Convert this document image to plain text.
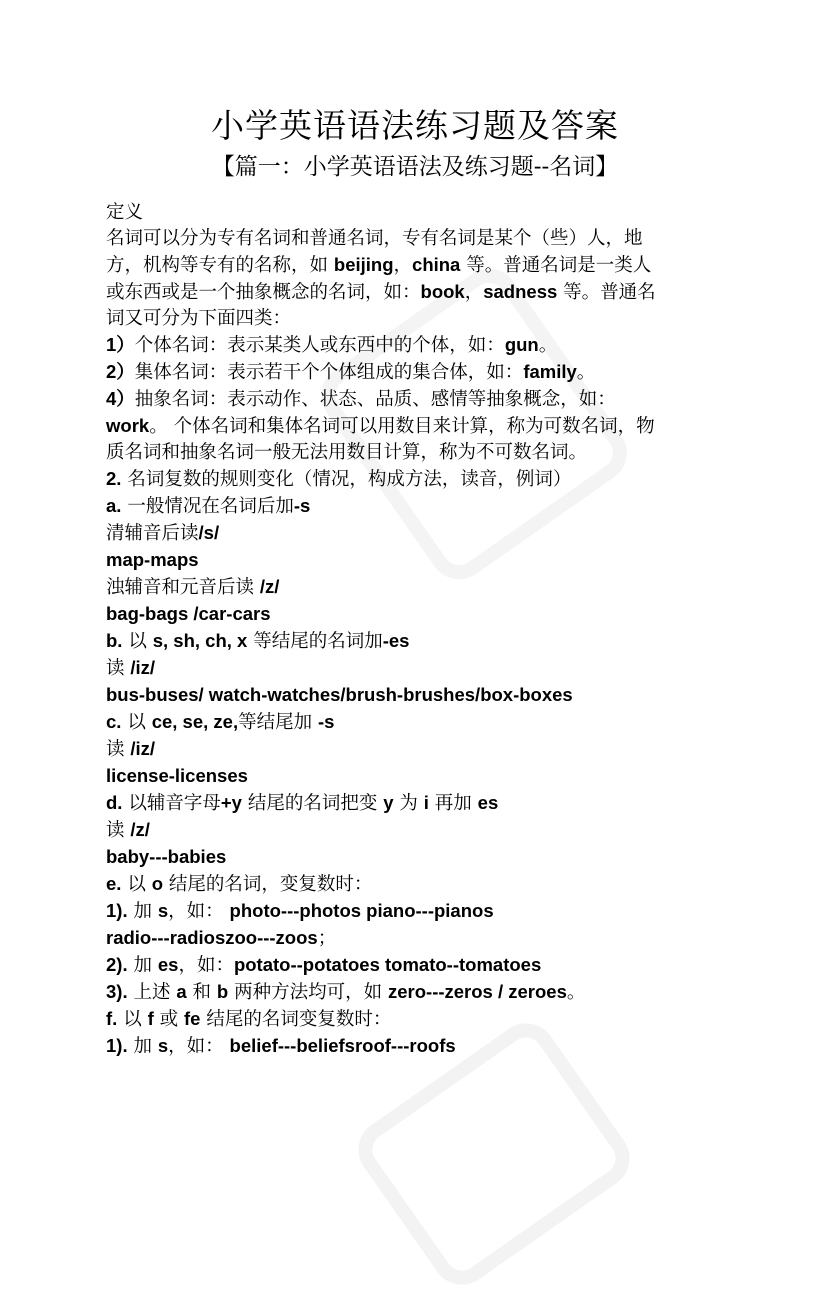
小学英语语法练习题及答案
【篇一：小学英语语法及练习题--名词】
定义
名词可以分为专有名词和普通名词，专有名词是某个（些）人，地
方，机构等专有的名称，如 beijing，china 等。普通名词是一类人
或东西或是一个抽象概念的名词，如：book，sadness 等。普通名
词又可分为下面四类：
1）个体名词：表示某类人或东西中的个体，如：gun。
2）集体名词：表示若干个个体组成的集合体，如：family。
4）抽象名词：表示动作、状态、品质、感情等抽象概念，如：
work。 个体名词和集体名词可以用数目来计算，称为可数名词，物
质名词和抽象名词一般无法用数目计算，称为不可数名词。
2. 名词复数的规则变化（情况，构成方法，读音，例词）
a. 一般情况在名词后加-s
清辅音后读/s/
map-maps
浊辅音和元音后读 /z/
bag-bags /car-cars
b. 以 s, sh, ch, x 等结尾的名词加-es
读 /iz/
bus-buses/ watch-watches/brush-brushes/box-boxes
c. 以 ce, se, ze,等结尾加 -s
读 /iz/
license-licenses
d. 以辅音字母+y 结尾的名词把变 y 为 i 再加 es
读 /z/
baby---babies
e. 以 o 结尾的名词，变复数时：
1). 加 s，如： photo---photos piano---pianos
radio---radioszoo---zoos；
2). 加 es，如：potato--potatoes tomato--tomatoes
3). 上述 a 和 b 两种方法均可，如 zero---zeros / zeroes。
f. 以 f 或 fe 结尾的名词变复数时：
1). 加 s，如： belief---beliefsroof---roofs
